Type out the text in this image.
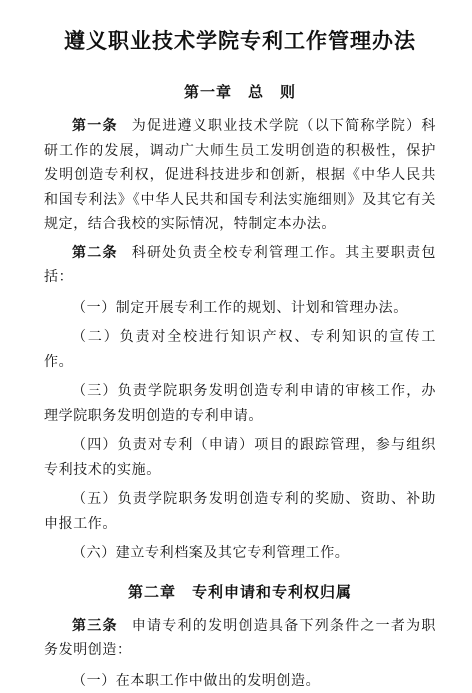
遵义职业技术学院专利工作管理办法
第一章　总　则

第一条 为促进遵义职业技术学院（以下简称学院）科研工作的发展，调动广大师生员工发明创造的积极性，保护发明创造专利权，促进科技进步和创新，根据《中华人民共和国专利法》《中华人民共和国专利法实施细则》及其它有关规定，结合我校的实际情况，特制定本办法。

第二条 科研处负责全校专利管理工作。其主要职责包括：

（一）制定开展专利工作的规划、计划和管理办法。

（二）负责对全校进行知识产权、专利知识的宣传工作。

（三）负责学院职务发明创造专利申请的审核工作，办理学院职务发明创造的专利申请。

（四）负责对专利（申请）项目的跟踪管理，参与组织专利技术的实施。

（五）负责学院职务发明创造专利的奖励、资助、补助申报工作。

（六）建立专利档案及其它专利管理工作。

第二章　专利申请和专利权归属

第三条 申请专利的发明创造具备下列条件之一者为职务发明创造：

（一）在本职工作中做出的发明创造。
